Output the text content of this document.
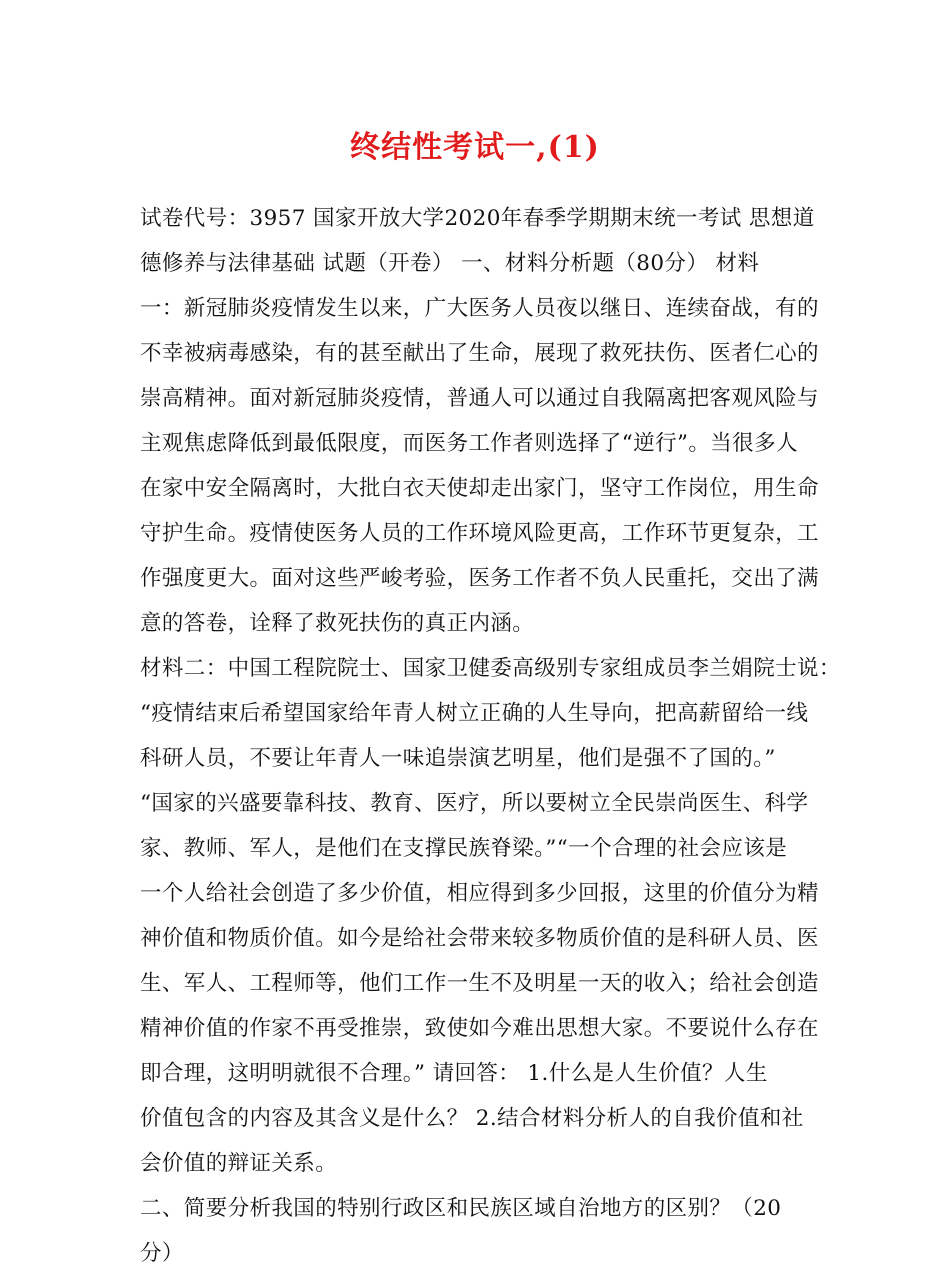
终结性考试一,(1)
试卷代号：3957 国家开放大学2020年春季学期期末统一考试 思想道
德修养与法律基础 试题（开卷） 一、材料分析题（80分） 材料
一：新冠肺炎疫情发生以来，广大医务人员夜以继日、连续奋战，有的
不幸被病毒感染，有的甚至献出了生命，展现了救死扶伤、医者仁心的
崇高精神。面对新冠肺炎疫情，普通人可以通过自我隔离把客观风险与
主观焦虑降低到最低限度，而医务工作者则选择了“逆行”。当很多人
在家中安全隔离时，大批白衣天使却走出家门，坚守工作岗位，用生命
守护生命。疫情使医务人员的工作环境风险更高，工作环节更复杂，工
作强度更大。面对这些严峻考验，医务工作者不负人民重托，交出了满
意的答卷，诠释了救死扶伤的真正内涵。
材料二：中国工程院院士、国家卫健委高级别专家组成员李兰娟院士说：
“疫情结束后希望国家给年青人树立正确的人生导向，把高薪留给一线
科研人员，不要让年青人一味追崇演艺明星，他们是强不了国的。”
“国家的兴盛要靠科技、教育、医疗，所以要树立全民崇尚医生、科学
家、教师、军人，是他们在支撑民族脊梁。”“一个合理的社会应该是
一个人给社会创造了多少价值，相应得到多少回报，这里的价值分为精
神价值和物质价值。如今是给社会带来较多物质价值的是科研人员、医
生、军人、工程师等，他们工作一生不及明星一天的收入；给社会创造
精神价值的作家不再受推崇，致使如今难出思想大家。不要说什么存在
即合理，这明明就很不合理。” 请回答： 1.什么是人生价值？人生
价值包含的内容及其含义是什么？ 2.结合材料分析人的自我价值和社
会价值的辩证关系。
二、简要分析我国的特别行政区和民族区域自治地方的区别？（20
分）
